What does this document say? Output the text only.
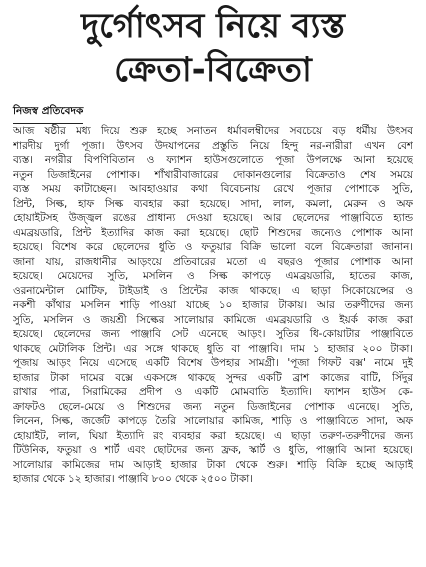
দুর্গোৎসব নিয়ে ব্যস্ত
ক্রেতা-বিক্রেতা
নিজস্ব প্রতিবেদক
আজ ষষ্ঠীর মধ্য দিয়ে শুরু হচ্ছে সনাতন ধর্মাবলম্বীদের সবচেয়ে বড় ধর্মীয় উৎসব
শারদীয় দুর্গা পূজা। উৎসব উদযাপনের প্রস্তুতি নিয়ে হিন্দু নর-নারীরা এখন বেশ
ব্যস্ত। নগরীর বিপণিবিতান ও ফ্যাশন হাউসগুলোতে পূজা উপলক্ষে আনা হয়েছে
নতুন ডিজাইনের পোশাক। শাঁখারীবাজারের দোকানগুলোর বিক্রেতাও শেষ সময়ে
ব্যস্ত সময় কাটাচ্ছেন। আবহাওয়ার কথা বিবেচনায় রেখে পূজার পোশাকে সুতি,
প্রিন্ট, সিল্ক, হাফ সিল্ক ব্যবহার করা হয়েছে। সাদা, লাল, কমলা, মেরুন ও অফ
হোয়াইটসহ উজ্জ্বল রঙের প্রাধান্য দেওয়া হয়েছে। আর ছেলেদের পাঞ্জাবিতে হ্যান্ড
এমব্রয়ডারি, প্রিন্ট ইত্যাদির কাজ করা হয়েছে। ছোট শিশুদের জন্যেও পোশাক আনা
হয়েছে। বিশেষ করে ছেলেদের ধুতি ও ফতুয়ার বিক্রি ভালো বলে বিক্রেতারা জানান।
জানা যায়, রাজধানীর আড়ংয়ে প্রতিবারের মতো এ বছরও পূজার পোশাক আনা
হয়েছে। মেয়েদের সুতি, মসলিন ও সিল্ক কাপড়ে এমব্রয়ডারি, হাতের কাজ,
ওরনামেন্টাল মোটিফ, টাইডাই ও প্রিন্টের কাজ থাকছে। এ ছাড়া সিকোয়েন্সের ও
নকশী কাঁথার মসলিন শাড়ি পাওয়া যাচ্ছে ১০ হাজার টাকায়। আর তরুণীদের জন্য
সুতি, মসলিন ও জয়শ্রী সিল্কের সালোয়ার কামিজে এমব্রয়ডারি ও ইয়র্ক কাজ করা
হয়েছে। ছেলেদের জন্য পাঞ্জাবি সেট এনেছে আড়ং। সুতির ধি-কোয়াটার পাঞ্জাবিতে
থাকছে মেটালিক প্রিন্ট। এর সঙ্গে থাকছে ধুতি বা পাঞ্জাবি। দাম ১ হাজার ২০০ টাকা।
পূজায় আড়ং নিয়ে এসেছে একটি বিশেষ উপহার সামগ্রী। 'পূজা গিফট বক্স' নামে দুই
হাজার টাকা দামের বক্সে একসঙ্গে থাকছে সুন্দর একটি ব্রাশ কাজের বাটি, সিঁদুর
রাখার পাত্র, সিরামিকের প্রদীপ ও একটি মোমবাতি ইত্যাদি। ফ্যাশন হাউস কে-
ক্রাফটও ছেলে-মেয়ে ও শিশুদের জন্য নতুন ডিজাইনের পোশাক এনেছে। সুতি,
লিনেন, সিল্ক, জর্জেট কাপড়ে তৈরি সালোয়ার কামিজ, শাড়ি ও পাঞ্জাবিতে সাদা, অফ
হোয়াইট, লাল, ঘিয়া ইত্যাদি রং ব্যবহার করা হয়েছে। এ ছাড়া তরুণ-তরুণীদের জন্য
টিউনিক, ফতুয়া ও শার্ট এবং ছোটদের জন্য ফ্রক, স্কার্ট ও ধুতি, পাঞ্জাবি আনা হয়েছে।
সালোয়ার কামিজের দাম আড়াই হাজার টাকা থেকে শুরু। শাড়ি বিক্রি হচ্ছে আড়াই
হাজার থেকে ১২ হাজার। পাঞ্জাবি ৮০০ থেকে ২৫০০ টাকা।
